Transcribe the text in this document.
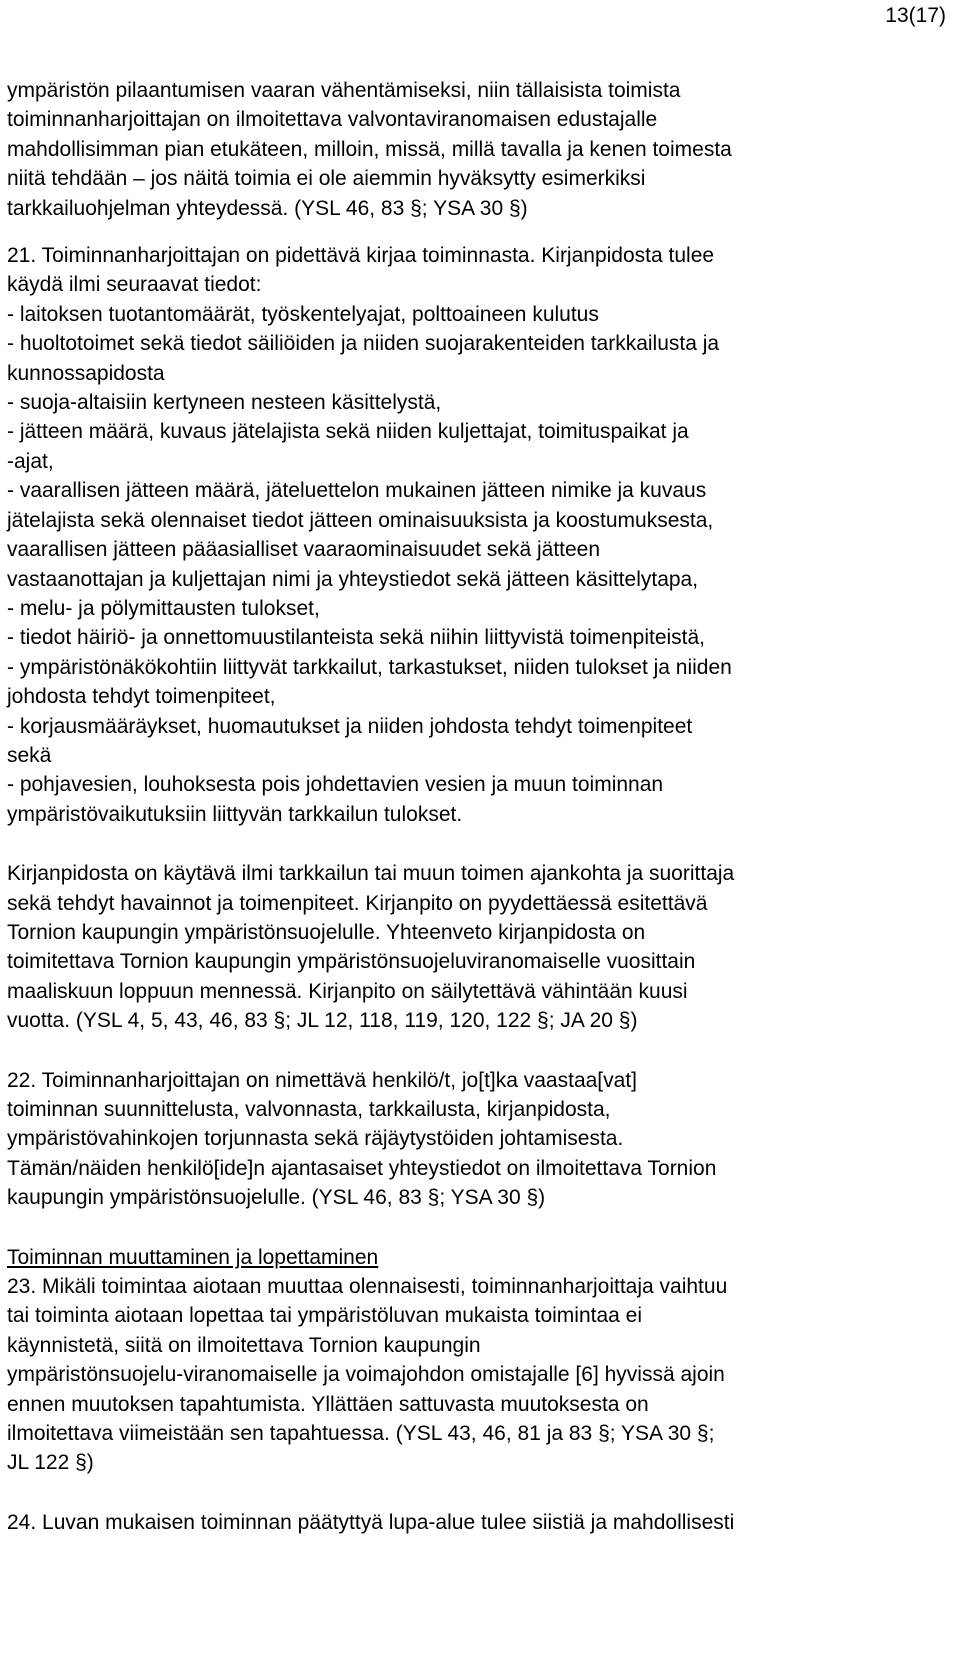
13(17)
ympäristön pilaantumisen vaaran vähentämiseksi, niin tällaisista toimista
toiminnanharjoittajan on ilmoitettava valvontaviranomaisen edustajalle
mahdollisimman pian etukäteen, milloin, missä, millä tavalla ja kenen toimesta
niitä tehdään – jos näitä toimia ei ole aiemmin hyväksytty esimerkiksi
tarkkailuohjelman yhteydessä. (YSL 46, 83 §; YSA 30 §)
21. Toiminnanharjoittajan on pidettävä kirjaa toiminnasta. Kirjanpidosta tulee
käydä ilmi seuraavat tiedot:
- laitoksen tuotantomäärät, työskentelyajat, polttoaineen kulutus
- huoltotoimet sekä tiedot säiliöiden ja niiden suojarakenteiden tarkkailusta ja
kunnossapidosta
- suoja-altaisiin kertyneen nesteen käsittelystä,
- jätteen määrä, kuvaus jätelajista sekä niiden kuljettajat, toimituspaikat ja
-ajat,
- vaarallisen jätteen määrä, jäteluettelon mukainen jätteen nimike ja kuvaus
jätelajista sekä olennaiset tiedot jätteen ominaisuuksista ja koostumuksesta,
vaarallisen jätteen pääasialliset vaaraominaisuudet sekä jätteen
vastaanottajan ja kuljettajan nimi ja yhteystiedot sekä jätteen käsittelytapa,
- melu- ja pölymittausten tulokset,
- tiedot häiriö- ja onnettomuustilanteista sekä niihin liittyvistä toimenpiteistä,
- ympäristönäkökohtiin liittyvät tarkkailut, tarkastukset, niiden tulokset ja niiden
johdosta tehdyt toimenpiteet,
- korjausmääräykset, huomautukset ja niiden johdosta tehdyt toimenpiteet
sekä
- pohjavesien, louhoksesta pois johdettavien vesien ja muun toiminnan
ympäristövaikutuksiin liittyvän tarkkailun tulokset.
Kirjanpidosta on käytävä ilmi tarkkailun tai muun toimen ajankohta ja suorittaja
sekä tehdyt havainnot ja toimenpiteet. Kirjanpito on pyydettäessä esitettävä
Tornion kaupungin ympäristönsuojelulle. Yhteenveto kirjanpidosta on
toimitettava Tornion kaupungin ympäristönsuojeluviranomaiselle vuosittain
maaliskuun loppuun mennessä. Kirjanpito on säilytettävä vähintään kuusi
vuotta. (YSL 4, 5, 43, 46, 83 §; JL 12, 118, 119, 120, 122 §; JA 20 §)
22. Toiminnanharjoittajan on nimettävä henkilö/t, jo[t]ka vaastaa[vat]
toiminnan suunnittelusta, valvonnasta, tarkkailusta, kirjanpidosta,
ympäristövahinkojen torjunnasta sekä räjäytystöiden johtamisesta.
Tämän/näiden henkilö[ide]n ajantasaiset yhteystiedot on ilmoitettava Tornion
kaupungin ympäristönsuojelulle. (YSL 46, 83 §; YSA 30 §)
Toiminnan muuttaminen ja lopettaminen
23. Mikäli toimintaa aiotaan muuttaa olennaisesti, toiminnanharjoittaja vaihtuu
tai toiminta aiotaan lopettaa tai ympäristöluvan mukaista toimintaa ei
käynnistetä, siitä on ilmoitettava Tornion kaupungin
ympäristönsuojelu-viranomaiselle ja voimajohdon omistajalle [6] hyvissä ajoin
ennen muutoksen tapahtumista. Yllättäen sattuvasta muutoksesta on
ilmoitettava viimeistään sen tapahtuessa. (YSL 43, 46, 81 ja 83 §; YSA 30 §;
JL 122 §)
24. Luvan mukaisen toiminnan päätyttyä lupa-alue tulee siistiä ja mahdollisesti
